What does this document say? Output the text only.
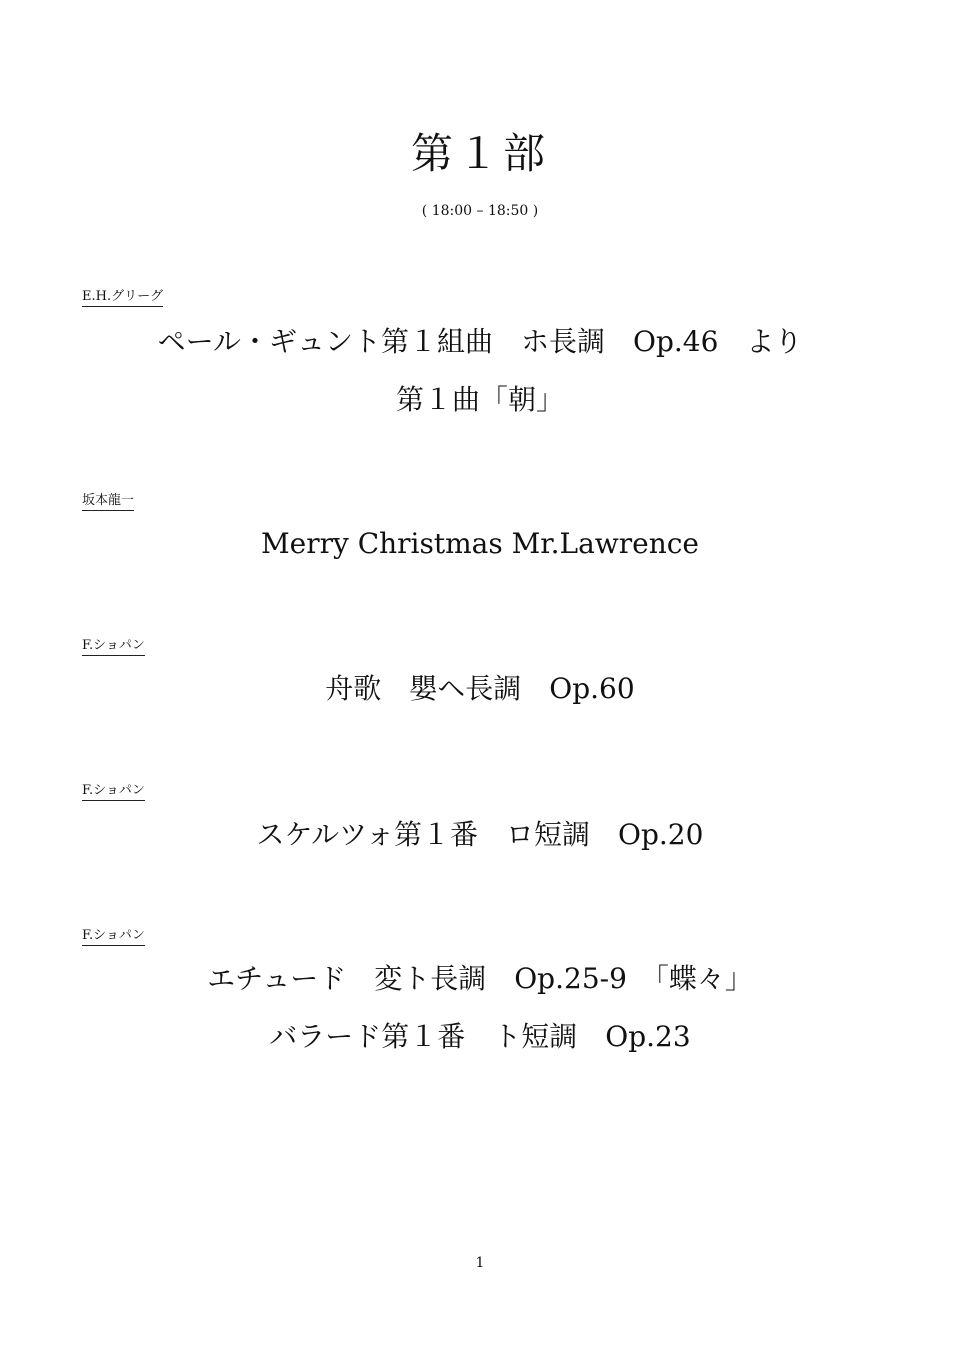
第１部
( 18:00 – 18:50 )
E.H.グリーグ
ペール・ギュント第１組曲　ホ長調　Op.46　より
第１曲「朝」
坂本龍一
Merry Christmas Mr.Lawrence
F.ショパン
舟歌　嬰ヘ長調　Op.60
F.ショパン
スケルツォ第１番　ロ短調　Op.20
F.ショパン
エチュード　変ト長調　Op.25-9　「蝶々」
バラード第１番　ト短調　Op.23
1
